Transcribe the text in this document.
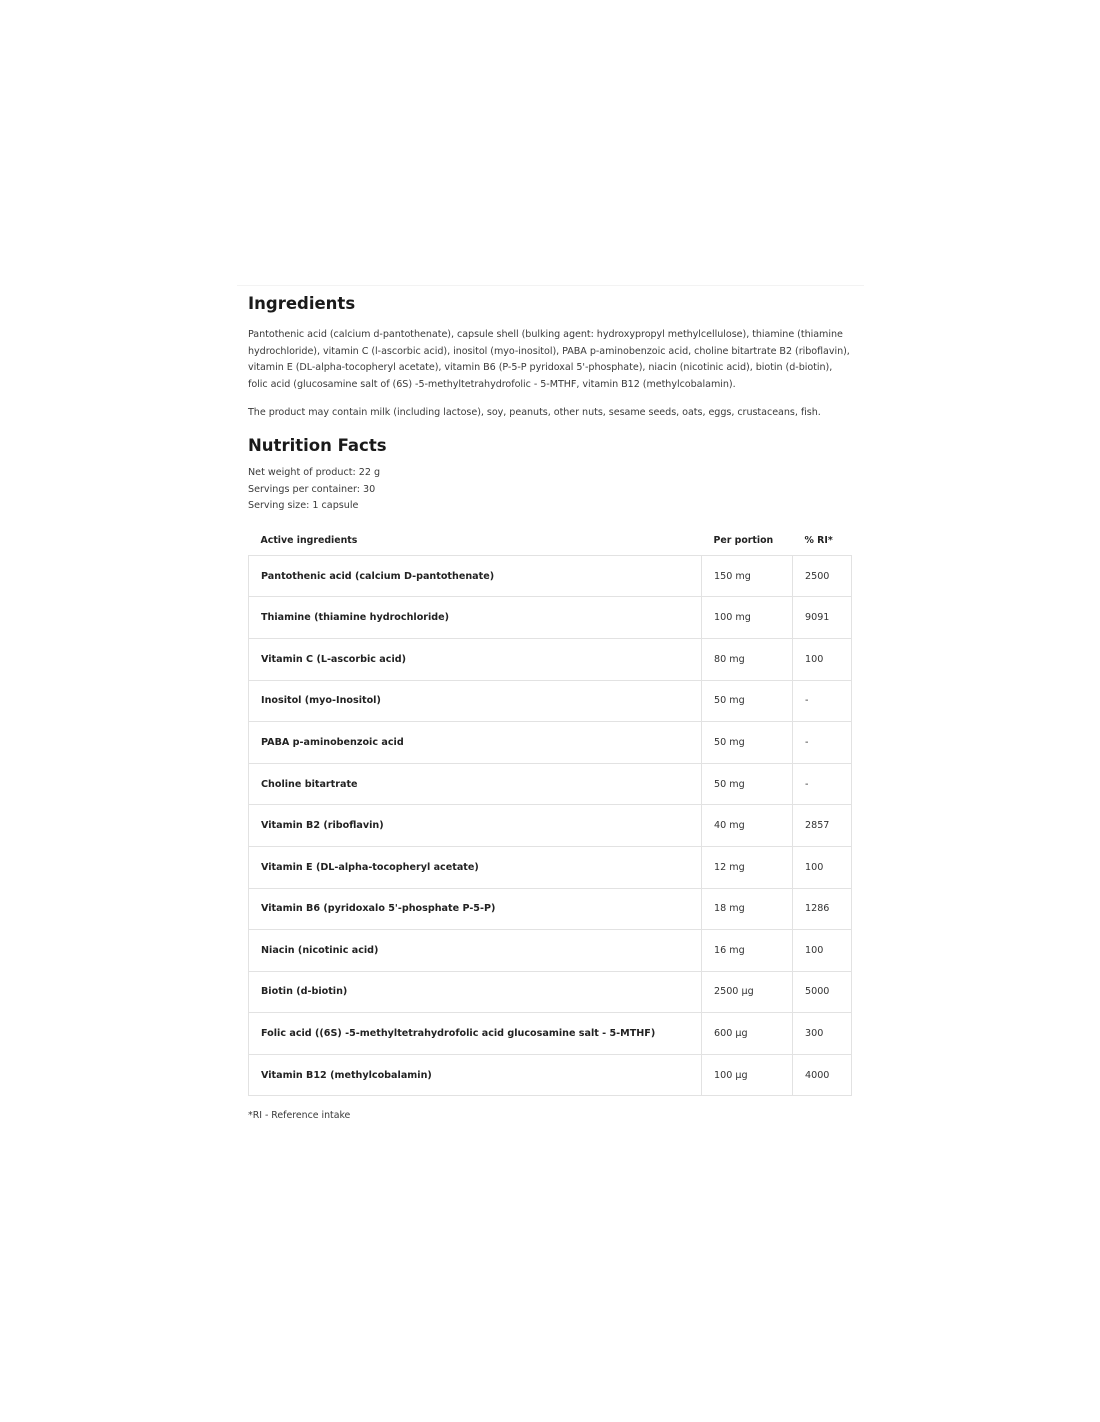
Ingredients

Pantothenic acid (calcium d-pantothenate), capsule shell (bulking agent: hydroxypropyl methylcellulose), thiamine (thiamine hydrochloride), vitamin C (l-ascorbic acid), inositol (myo-inositol), PABA p-aminobenzoic acid, choline bitartrate B2 (riboflavin), vitamin E (DL-alpha-tocopheryl acetate), vitamin B6 (P-5-P pyridoxal 5'-phosphate), niacin (nicotinic acid), biotin (d-biotin), folic acid (glucosamine salt of (6S) -5-methyltetrahydrofolic - 5-MTHF, vitamin B12 (methylcobalamin).

The product may contain milk (including lactose), soy, peanuts, other nuts, sesame seeds, oats, eggs, crustaceans, fish.

Nutrition Facts
Net weight of product: 22 g
Servings per container: 30
Serving size: 1 capsule
Active ingredients	Per portion	% RI*
Pantothenic acid (calcium D-pantothenate)	150 mg	2500
Thiamine (thiamine hydrochloride)	100 mg	9091
Vitamin C (L-ascorbic acid)	80 mg	100
Inositol (myo-Inositol)	50 mg	-
PABA p-aminobenzoic acid	50 mg	-
Choline bitartrate	50 mg	-
Vitamin B2 (riboflavin)	40 mg	2857
Vitamin E (DL-alpha-tocopheryl acetate)	12 mg	100
Vitamin B6 (pyridoxalo 5'-phosphate P-5-P)	18 mg	1286
Niacin (nicotinic acid)	16 mg	100
Biotin (d-biotin)	2500 µg	5000
Folic acid ((6S) -5-methyltetrahydrofolic acid glucosamine salt - 5-MTHF)	600 µg	300
Vitamin B12 (methylcobalamin)	100 µg	4000
*RI - Reference intake
